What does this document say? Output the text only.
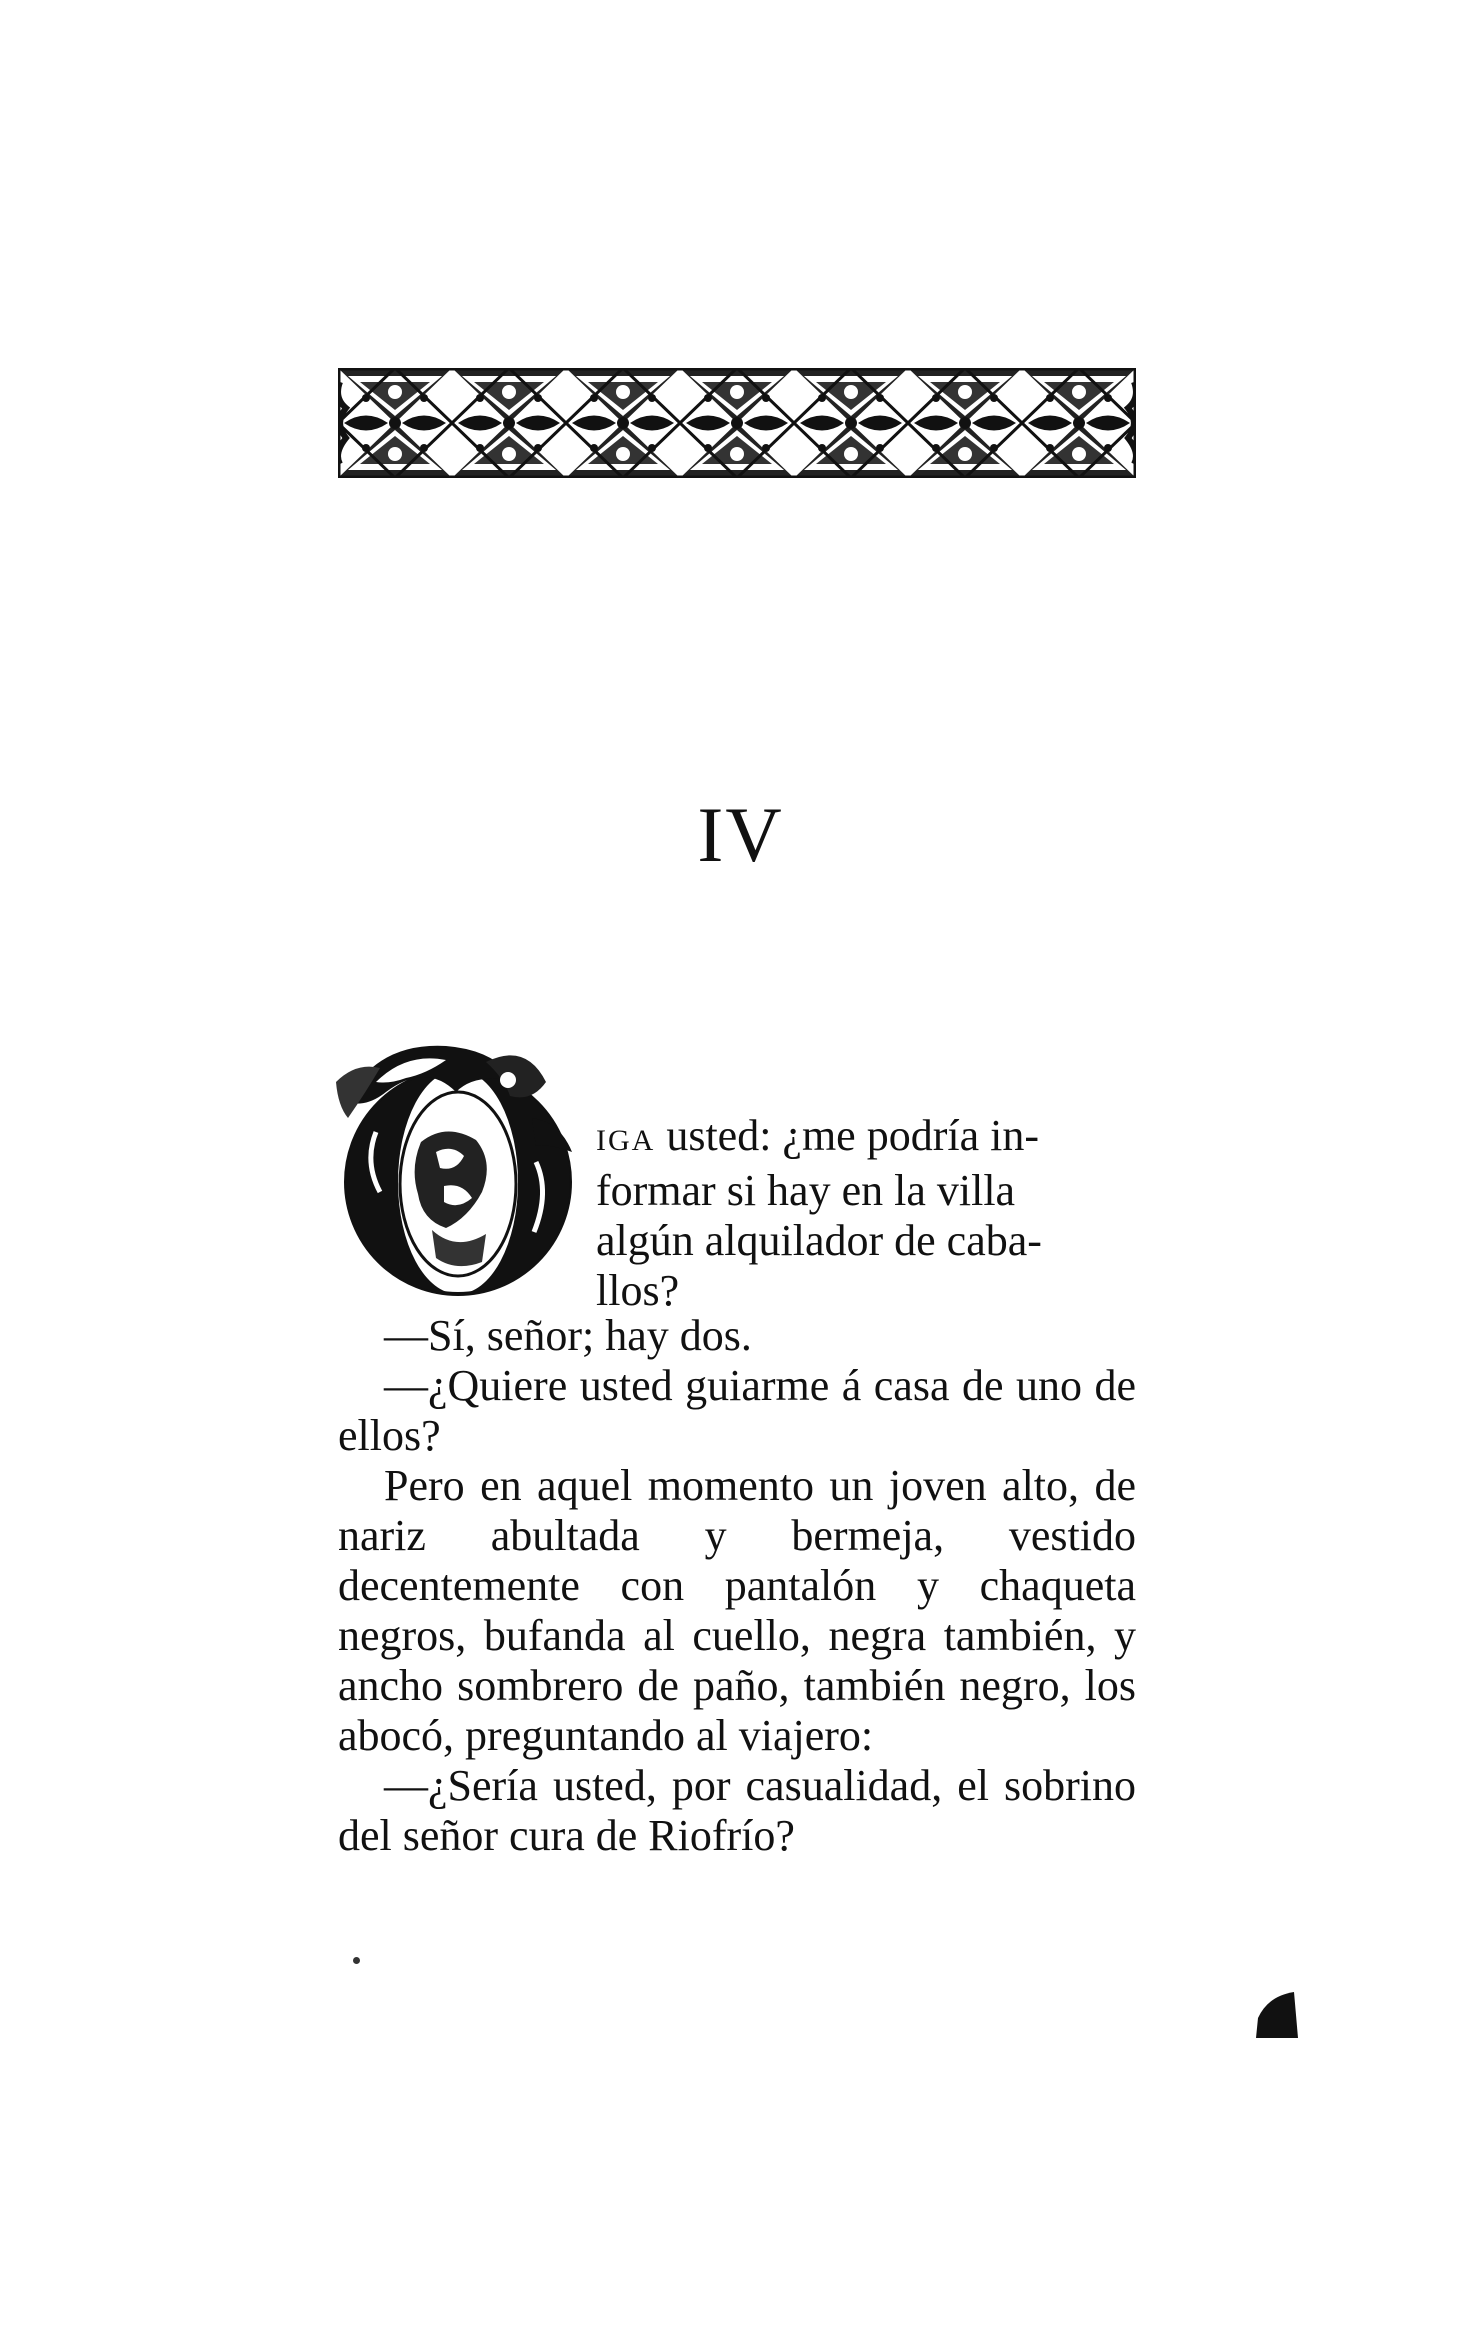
IV
IGA usted: ¿me podría in-
formar si hay en la villa
algún alquilador de caba-
llos?

—Sí, señor; hay dos.

—¿Quiere usted guiarme á casa de uno de ellos?

Pero en aquel momento un joven alto, de nariz abultada y bermeja, vestido decentemente con pantalón y chaqueta negros, bufanda al cuello, negra también, y ancho sombrero de paño, también negro, los abocó, preguntando al viajero:

—¿Sería usted, por casualidad, el sobrino del señor cura de Riofrío?
